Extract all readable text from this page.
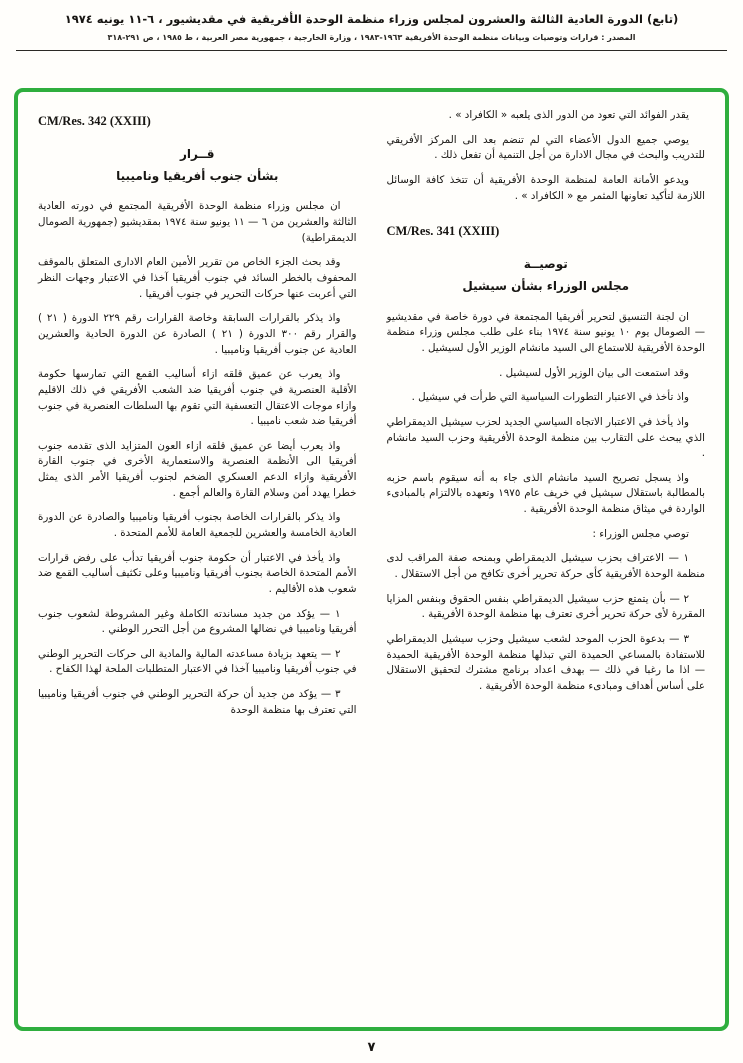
(تابع) الدورة العادية الثالثة والعشرون لمجلس وزراء منظمة الوحدة الأفريقية في مقديشيور ، ٦-١١ يونيه ١٩٧٤
المصدر : قرارات وتوصيات وبيانات منظمة الوحدة الأفريقية ١٩٦٣-١٩٨٣ ، وزارة الخارجية ، جمهورية مصر العربية ، ط ١٩٨٥ ، ص ٢٩١-٣١٨

يقدر الفوائد التي تعود من الدور الذى يلعبه « الكافراد » .

يوصي جميع الدول الأعضاء التي لم تنضم بعد الى المركز الأفريقي للتدريب والبحث في مجال الادارة من أجل التنمية أن تفعل ذلك .

ويدعو الأمانة العامة لمنظمة الوحدة الأفريقية أن تتخذ كافة الوسائل اللازمة لتأكيد تعاونها المثمر مع « الكافراد » .

CM/Res. 341 (XXIII)
توصيــة
مجلس الوزراء بشأن سيشيل

ان لجنة التنسيق لتحرير أفريقيا المجتمعة في دورة خاصة في مقديشيو — الصومال يوم ١٠ يونيو سنة ١٩٧٤ بناء على طلب مجلس وزراء منظمة الوحدة الأفريقية للاستماع الى السيد مانشام الوزير الأول لسيشيل .

وقد استمعت الى بيان الوزير الأول لسيشيل .

واذ تأخذ في الاعتبار التطورات السياسية التي طرأت في سيشيل .

واذ يأخذ في الاعتبار الاتجاه السياسي الجديد لحزب سيشيل الديمقراطي الذي يبحث على التقارب بين منظمة الوحدة الأفريقية وحزب السيد مانشام .

واذ يسجل تصريح السيد مانشام الذى جاء به أنه سيقوم باسم حزبه بالمطالبة باستقلال سيشيل في خريف عام ١٩٧٥ وتعهده بالالتزام بالمبادىء الواردة في ميثاق منظمة الوحدة الأفريقية .

توصي مجلس الوزراء :

١ — الاعتراف بحزب سيشيل الديمقراطي وبمنحه صفة المراقب لدى منظمة الوحدة الأفريقية كأى حركة تحرير أخرى تكافح من أجل الاستقلال .

٢ — بأن يتمتع حزب سيشيل الديمقراطي بنفس الحقوق وبنفس المزايا المقررة لأى حركة تحرير أخرى تعترف بها منظمة الوحدة الأفريقية .

٣ — بدعوة الحزب الموحد لشعب سيشيل وحزب سيشيل الديمقراطي للاستفادة بالمساعي الحميدة التي تبذلها منظمة الوحدة الأفريقية الحميدة — اذا ما رغبا في ذلك — بهدف اعداد برنامج مشترك لتحقيق الاستقلال على أساس أهداف ومبادىء منظمة الوحدة الأفريقية .

CM/Res. 342 (XXIII)
قــرار
بشأن جنوب أفريقيا وناميبيا

ان مجلس وزراء منظمة الوحدة الأفريقية المجتمع في دورته العادية الثالثة والعشرين من ٦ — ١١ يونيو سنة ١٩٧٤ بمقديشيو (جمهورية الصومال الديمقراطية)

وقد بحث الجزء الخاص من تقرير الأمين العام الادارى المتعلق بالموقف المحفوف بالخطر السائد في جنوب أفريقيا آخذا في الاعتبار وجهات النظر التي أعربت عنها حركات التحرير في جنوب أفريقيا .

واذ يذكر بالقرارات السابقة وخاصة القرارات رقم ٢٢٩ الدورة ( ٢١ ) والقرار رقم ٣٠٠ الدورة ( ٢١ ) الصادرة عن الدورة الحادية والعشرين العادية عن جنوب أفريقيا وناميبيا .

واذ يعرب عن عميق قلقه ازاء أساليب القمع التي تمارسها حكومة الأقلية العنصرية في جنوب أفريقيا ضد الشعب الأفريقي في ذلك الاقليم وازاء موجات الاعتقال التعسفية التي تقوم بها السلطات العنصرية في جنوب أفريقيا ضد شعب ناميبيا .

واذ يعرب أيضا عن عميق قلقه ازاء العون المتزايد الذى تقدمه جنوب أفريقيا الى الأنظمة العنصرية والاستعمارية الأخرى في جنوب القارة الأفريقية وازاء الدعم العسكري الضخم لجنوب أفريقيا الأمر الذى يمثل خطرا يهدد أمن وسلام القارة والعالم أجمع .

واذ يذكر بالقرارات الخاصة بجنوب أفريقيا وناميبيا والصادرة عن الدورة العادية الخامسة والعشرين للجمعية العامة للأمم المتحدة .

واذ يأخذ في الاعتبار أن حكومة جنوب أفريقيا تدأب على رفض قرارات الأمم المتحدة الخاصة بجنوب أفريقيا وناميبيا وعلى تكثيف أساليب القمع ضد شعوب هذه الأقاليم .

١ — يؤكد من جديد مساندته الكاملة وغير المشروطة لشعوب جنوب أفريقيا وناميبيا في نضالها المشروع من أجل التحرر الوطني .

٢ — يتعهد بزيادة مساعدته المالية والمادية الى حركات التحرير الوطني في جنوب أفريقيا وناميبيا آخذا في الاعتبار المتطلبات الملحة لهذا الكفاح .

٣ — يؤكد من جديد أن حركة التحرير الوطني في جنوب أفريقيا وناميبيا التي تعترف بها منظمة الوحدة

٧
